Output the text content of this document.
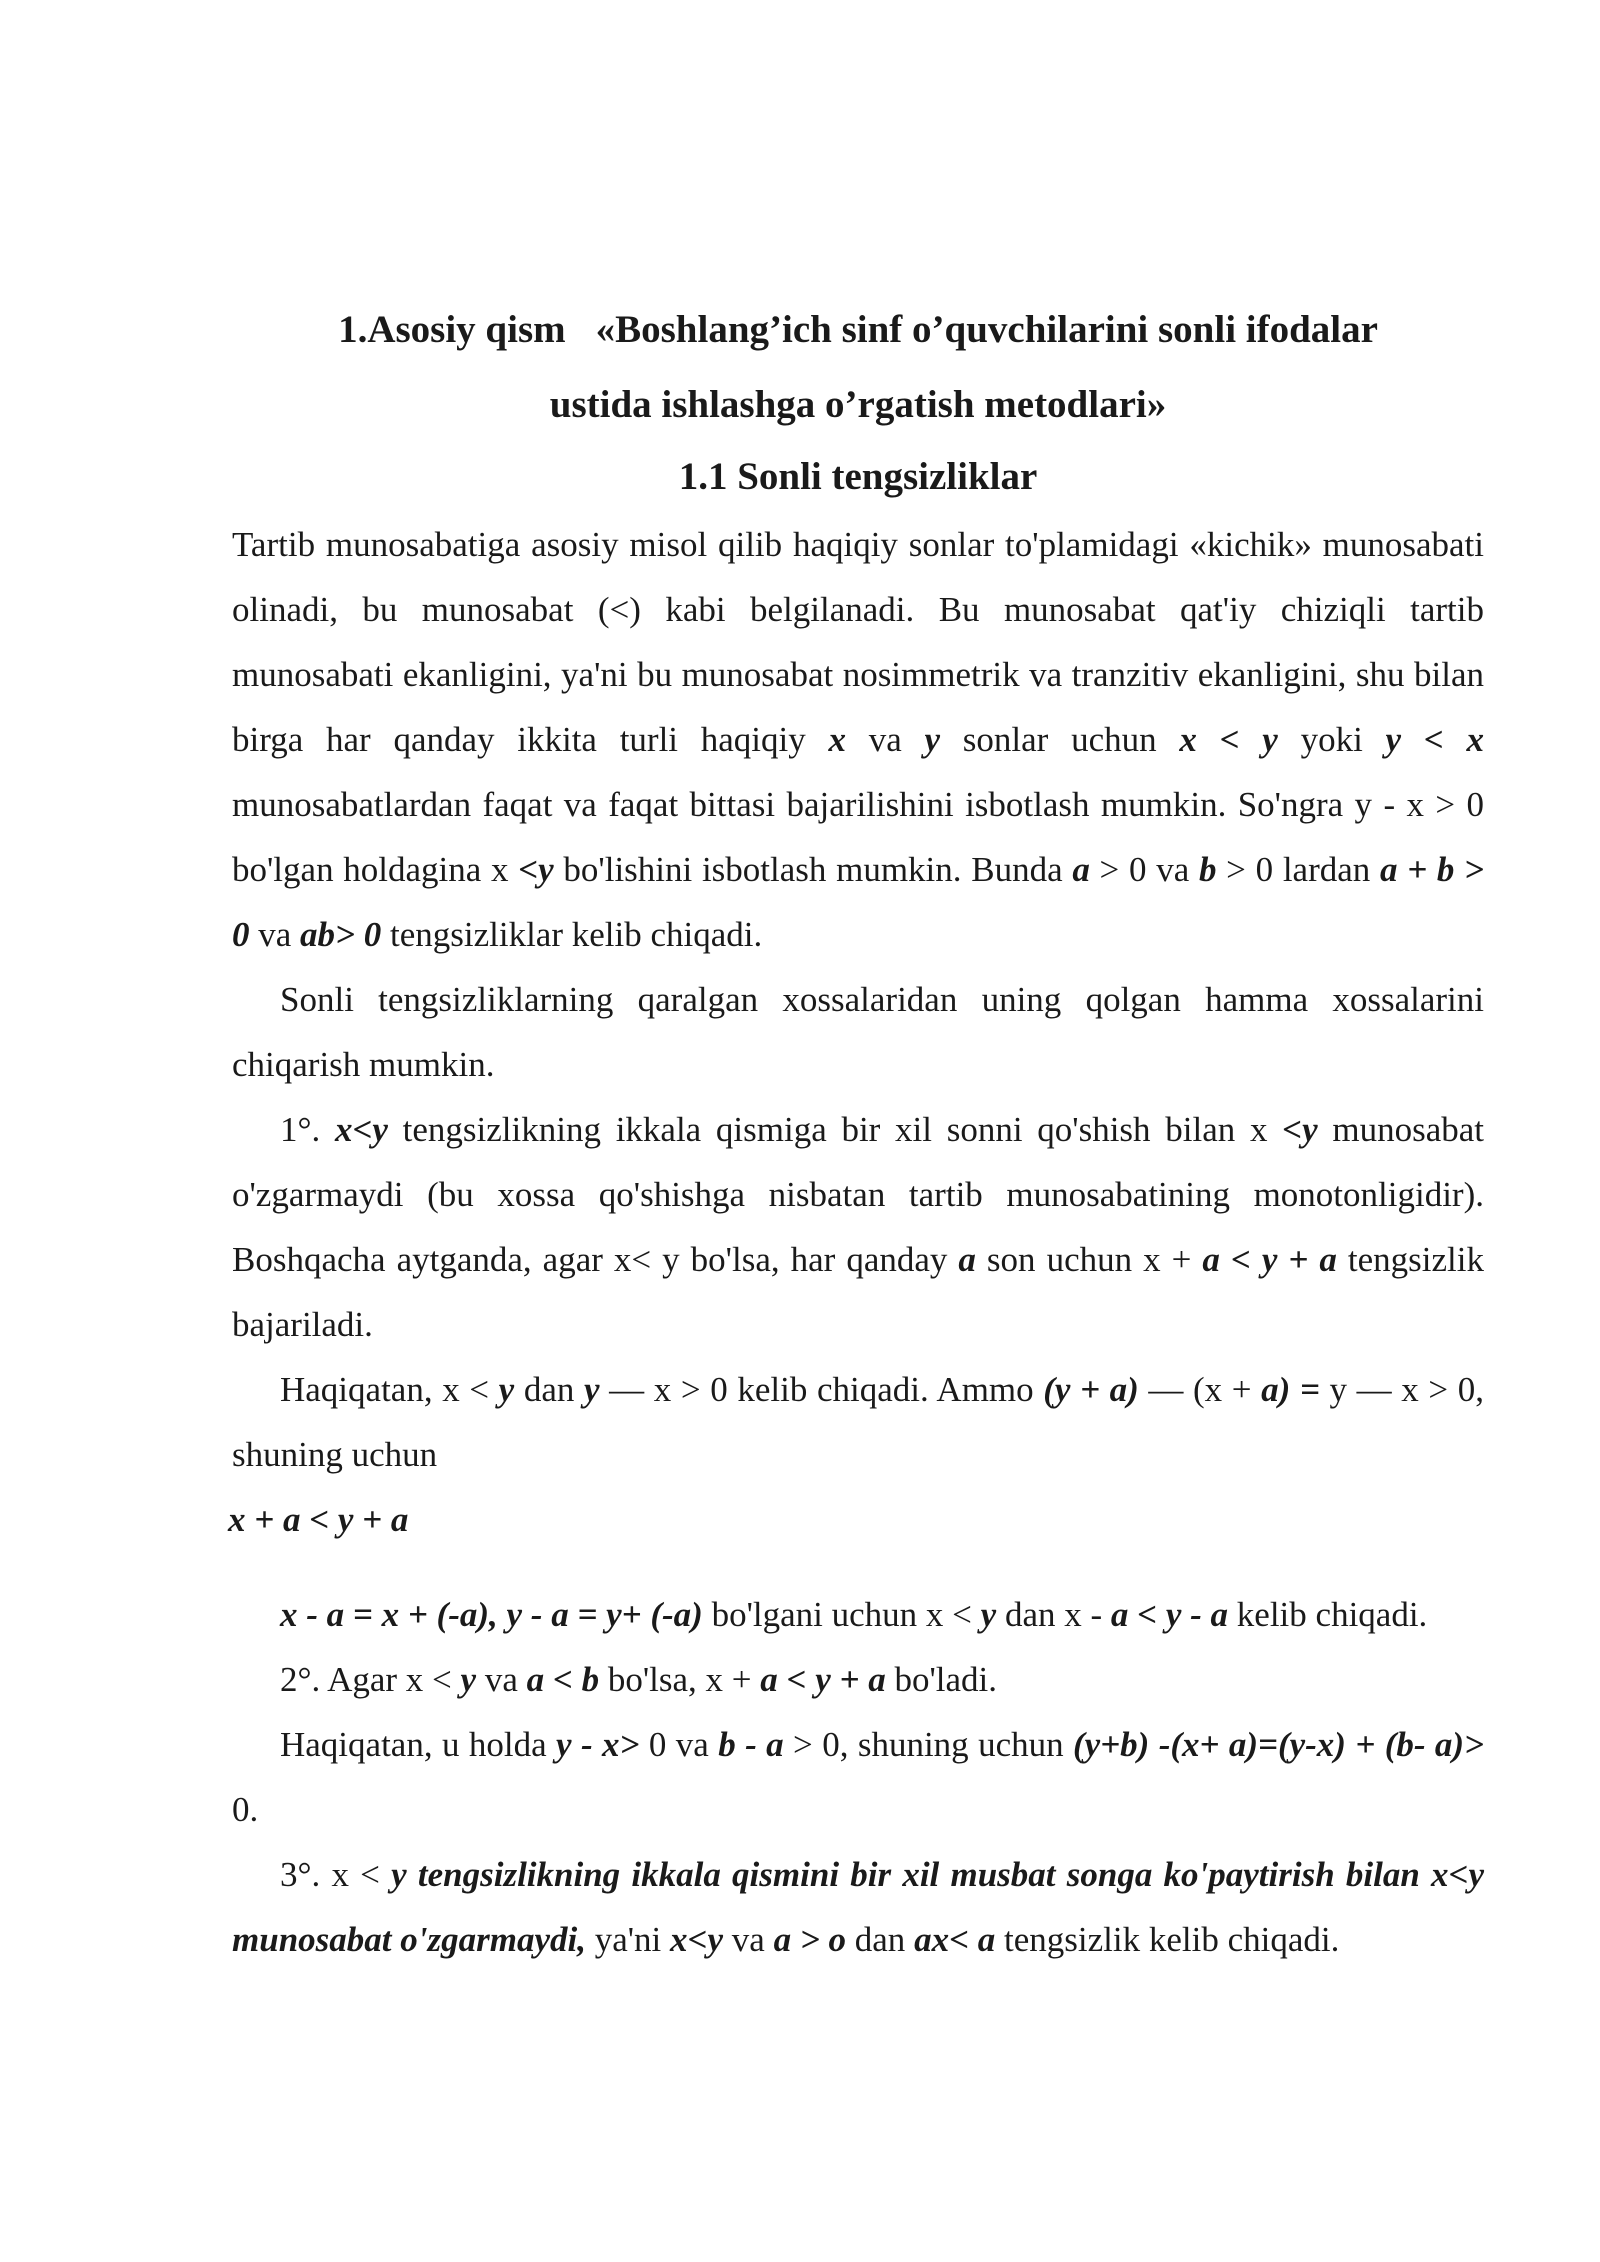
1.Asosiy qism «Boshlang’ich sinf o’quvchilarini sonli ifodalar
ustida ishlashga o’rgatish metodlari»
1.1 Sonli tengsizliklar

Tartib munosabatiga asosiy misol qilib haqiqiy sonlar to'plamidagi «kichik» munosabati olinadi, bu munosabat (<) kabi belgilanadi. Bu munosabat qat'iy chiziqli tartib munosabati ekanligini, ya'ni bu munosabat nosimmetrik va tranzitiv ekanligini, shu bilan birga har qanday ikkita turli haqiqiy x va y sonlar uchun x < y yoki y < x munosabatlardan faqat va faqat bittasi bajarilishini isbotlash mumkin. So'ngra y - x > 0 bo'lgan holdagina x <y bo'lishini isbotlash mumkin. Bunda a > 0 va b > 0 lardan a + b > 0 va ab> 0 tengsizliklar kelib chiqadi.

Sonli tengsizliklarning qaralgan xossalaridan uning qolgan hamma xossalarini chiqarish mumkin.

1°. x<y tengsizlikning ikkala qismiga bir xil sonni qo'shish bilan x <y munosabat o'zgarmaydi (bu xossa qo'shishga nisbatan tartib munosabatining monotonligidir). Boshqacha aytganda, agar x< y bo'lsa, har qanday a son uchun x + a < y + a tengsizlik bajariladi.

Haqiqatan, x < y dan y — x > 0 kelib chiqadi. Ammo (y + a) — (x + a) = y — x > 0, shuning uchun

x + a < y + a

x - a = x + (-a), y - a = y+ (-a) bo'lgani uchun x < y dan x - a < y - a kelib chiqadi.

2°. Agar x < y va a < b bo'lsa, x + a < y + a bo'ladi.

Haqiqatan, u holda y - x> 0 va b - a > 0, shuning uchun (y+b) -(x+ a)=(y-x) + (b- a)> 0.

3°. x < y tengsizlikning ikkala qismini bir xil musbat songa ko'paytirish bilan x<y munosabat o'zgarmaydi, ya'ni x<y va a > o dan ax< a tengsizlik kelib chiqadi.
